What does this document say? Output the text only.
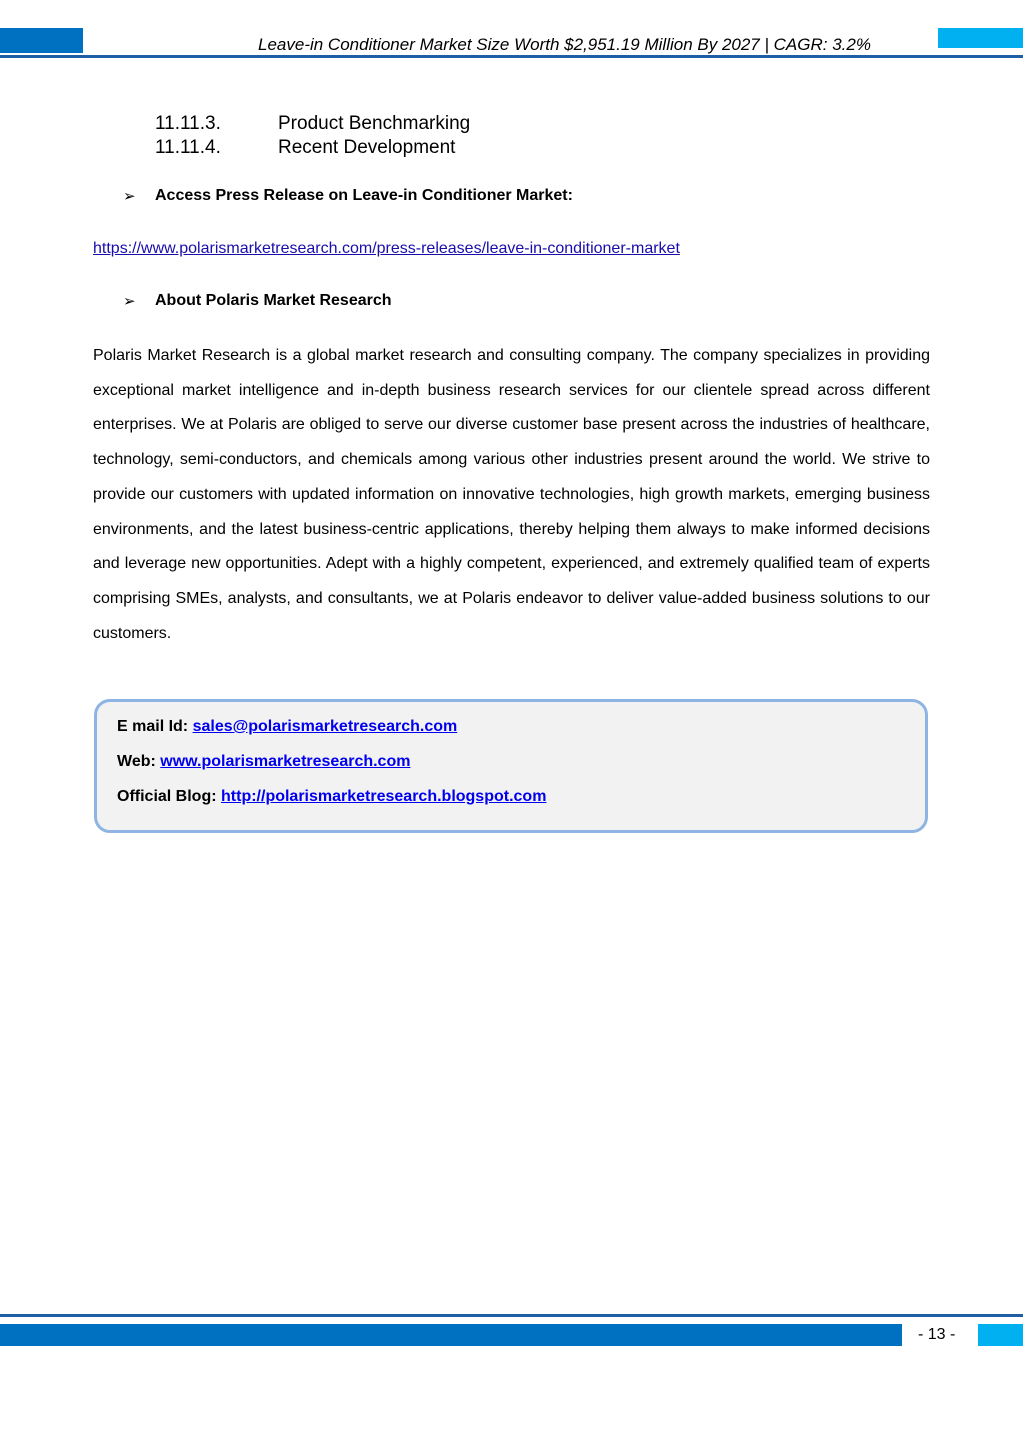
Leave-in Conditioner Market Size Worth $2,951.19 Million By 2027 | CAGR: 3.2%
11.11.3.	Product Benchmarking
11.11.4.	Recent Development
➢ Access Press Release on Leave-in Conditioner Market:
https://www.polarismarketresearch.com/press-releases/leave-in-conditioner-market
➢ About Polaris Market Research

Polaris Market Research is a global market research and consulting company. The company specializes in providing exceptional market intelligence and in-depth business research services for our clientele spread across different enterprises. We at Polaris are obliged to serve our diverse customer base present across the industries of healthcare, technology, semi-conductors, and chemicals among various other industries present around the world. We strive to provide our customers with updated information on innovative technologies, high growth markets, emerging business environments, and the latest business-centric applications, thereby helping them always to make informed decisions and leverage new opportunities. Adept with a highly competent, experienced, and extremely qualified team of experts comprising SMEs, analysts, and consultants, we at Polaris endeavor to deliver value-added business solutions to our customers.

E mail Id: sales@polarismarketresearch.com
Web: www.polarismarketresearch.com
Official Blog: http://polarismarketresearch.blogspot.com
- 13 -
